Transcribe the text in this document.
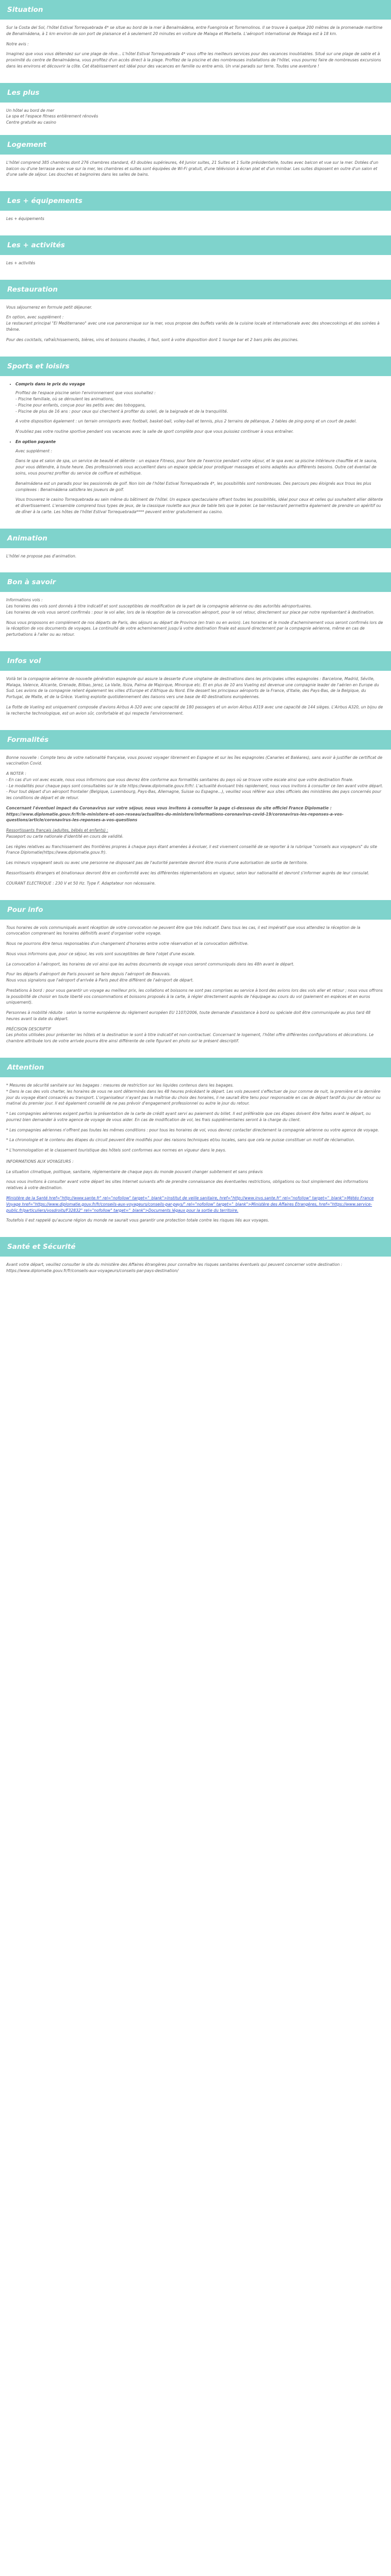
Situation

Sur la Costa del Sol, l'hôtel Estival Torrequebrada 4* se situe au bord de la mer à Benalmádena, entre Fuengirola et Torremolinos. Il se trouve à quelque 200 mètres de la promenade maritime de Benalmádena, à 1 km environ de son port de plaisance et à seulement 20 minutes en voiture de Malaga et Marbella. L'aéroport international de Malaga est à 18 km.

Notre avis :

Imaginez que vous vous détendez sur une plage de rêve... L'hôtel Estival Torrequebrada 4* vous offre les meilleurs services pour des vacances inoubliables. Situé sur une plage de sable et à proximité du centre de Benalmádena, vous profitez d'un accès direct à la plage. Profitez de la piscine et des nombreuses installations de l'hôtel, vous pourrez faire de nombreuses excursions dans les environs et découvrir la côte. Cet établissement est idéal pour des vacances en famille ou entre amis. Un vrai paradis sur terre. Toutes une aventure !

Les plus

Un hôtel au bord de mer

La spa et l'espace fitness entièrement rénovés

Centre gratuite au casino

Logement

L'hôtel comprend 385 chambres dont 276 chambres standard, 43 doubles supérieures, 44 Junior suites, 21 Suites et 1 Suite présidentielle, toutes avec balcon et vue sur la mer. Dotées d'un balcon ou d'une terrasse avec vue sur la mer, les chambres et suites sont équipées de Wi-Fi gratuit, d'une télévision à écran plat et d'un minibar. Les suites disposent en outre d'un salon et d'une salle de séjour. Les douches et baignoires dans les salles de bains.

Les + équipements

Les + équipements

Les + activités

Les + activités

Restauration

Vous séjournerez en formule petit déjeuner.

En option, avec supplément :

Le restaurant principal "El Mediterraneo" avec une vue panoramique sur la mer, vous propose des buffets variés de la cuisine locale et internationale avec des showcookings et des soirées à thème.

Pour des cocktails, rafraîchissements, bières, vins et boissons chaudes, il faut, sont à votre disposition dont 1 lounge bar et 2 bars près des piscines.

Sports et loisirs
• Compris dans le prix du voyage

Profitez de l'espace piscine selon l'environnement que vous souhaitez :

- Piscine familiale, où se déroulent les animations,

- Piscine pour enfants, conçue pour les petits avec des toboggans,

- Piscine de plus de 16 ans : pour ceux qui cherchent à profiter du soleil, de la baignade et de la tranquillité.

A votre disposition également : un terrain omnisports avec football, basket-ball, volley-ball et tennis, plus 2 terrains de pétanque, 2 tables de ping-pong et un court de padel.

N'oubliez pas votre routine sportive pendant vos vacances avec la salle de sport complète pour que vous puissiez continuer à vous entraîner.

• En option payante

Avec supplément :

Dans le spa et salon de spa, un service de beauté et détente : un espace Fitness, pour faire de l'exercice pendant votre séjour, et le spa avec sa piscine intérieure chauffée et le sauna, pour vous détendre, à toute heure. Des professionnels vous accueillent dans un espace spécial pour prodiguer massages et soins adaptés aux différents besoins. Outre cet éventail de soins, vous pourrez profiter du service de coiffure et esthétique.

Benalmádena est un paradis pour les passionnés de golf. Non loin de l'hôtel Estival Torrequebrada 4*, les possibilités sont nombreuses. Des parcours peu éloignés aux trous les plus complexes : Benalmádena satisfera les joueurs de golf.

Vous trouverez le casino Torrequebrada au sein même du bâtiment de l'hôtel. Un espace spectaculaire offrant toutes les possibilités, idéal pour ceux et celles qui souhaitent allier détente et divertissement. L'ensemble comprend tous types de jeux, de la classique roulette aux jeux de table tels que le poker. Le bar-restaurant permettra également de prendre un apéritif ou de dîner à la carte. Les hôtes de l'hôtel Estival Torrequebrada**** peuvent entrer gratuitement au casino.

Animation

L'hôtel ne propose pas d'animation.

Bon à savoir

Informations vols :

Les horaires des vols sont donnés à titre indicatif et sont susceptibles de modification de la part de la compagnie aérienne ou des autorités aéroportuaires.

Les horaires de vols vous seront confirmés : pour le vol aller, lors de la réception de la convocation aéroport, pour le vol retour, directement sur place par notre représentant à destination.

Nous vous proposons en complément de nos départs de Paris, des séjours au départ de Province (en train ou en avion). Les horaires et le mode d'acheminement vous seront confirmés lors de la réception de vos documents de voyages. La continuité de votre acheminement jusqu'à votre destination finale est assuré directement par la compagnie aérienne, même en cas de perturbations à l'aller ou au retour.

Infos vol

Voilà tel la compagnie aérienne de nouvelle génération espagnole qui assure la desserte d'une vingtaine de destinations dans les principales villes espagnoles : Barcelone, Madrid, Séville, Malaga, Valence, Alicante, Grenade, Bilbao, Jerez, La Valle, Ibiza, Palma de Majorque, Minorque etc. Et en plus de 10 ans Vueling est devenue une compagnie leader de l'aérien en Europe du Sud. Les avions de la compagnie relient également les villes d'Europe et d'Afrique du Nord. Elle dessert les principaux aéroports de la France, d'Italie, des Pays-Bas, de la Belgique, du Portugal, de Malte, et de la Grèce. Vueling exploite quotidiennement des liaisons vers une base de 40 destinations européennes.

La flotte de Vueling est uniquement composée d'avions Airbus A-320 avec une capacité de 180 passagers et un avion Airbus A319 avec une capacité de 144 sièges. L'Airbus A320, un bijou de la recherche technologique, est un avion sûr, confortable et qui respecte l'environnement.

Formalités

Bonne nouvelle : Compte tenu de votre nationalité française, vous pouvez voyager librement en Espagne et sur les îles espagnoles (Canaries et Baléares), sans avoir à justifier de certificat de vaccination Covid.

A NOTER :

- En cas d'un vol avec escale, nous vous informons que vous devrez être conforme aux formalités sanitaires du pays où se trouve votre escale ainsi que votre destination finale.

- Le modalités pour chaque pays sont consultables sur le site https://www.diplomatie.gouv.fr/fr/. L'actualité évoluant très rapidement, nous vous invitons à consulter ce lien avant votre départ.

- Pour tout départ d'un aéroport frontalier (Belgique, Luxembourg, Pays-Bas, Allemagne, Suisse ou Espagne...), veuillez vous référer aux sites officiels des ministères des pays concernés pour les conditions de départ et de retour.

Concernant l'éventuel impact du Coronavirus sur votre séjour, nous vous invitons à consulter la page ci-dessous du site officiel France Diplomatie : https://www.diplomatie.gouv.fr/fr/le-ministere-et-son-reseau/actualites-du-ministere/informations-coronavirus-covid-19/coronavirus-les-reponses-a-vos-questions/article/coronavirus-les-reponses-a-vos-questions

Ressortissants français (adultes, bébés et enfants) :

Passeport ou carte nationale d'identité en cours de validité.

Les règles relatives au franchissement des frontières propres à chaque pays étant amenées à évoluer, il est vivement conseillé de se reporter à la rubrique "conseils aux voyageurs" du site France Diplomatie(https://www.diplomatie.gouv.fr).

Les mineurs voyageant seuls ou avec une personne ne disposant pas de l'autorité parentale devront être munis d'une autorisation de sortie de territoire.

Ressortissants étrangers et binationaux devront être en conformité avec les différentes réglementations en vigueur, selon leur nationalité et devront s'informer auprès de leur consulat.

COURANT ELECTRIQUE : 230 V et 50 Hz. Type F. Adaptateur non nécessaire.

Pour info

Tous horaires de vols communiqués avant réception de votre convocation ne peuvent être que très indicatif. Dans tous les cas, il est impératif que vous attendiez la réception de la convocation comprenant les horaires définitifs avant d'organiser votre voyage.

Nous ne pourrons être tenus responsables d'un changement d'horaires entre votre réservation et la convocation définitive.

Nous vous informons que, pour ce séjour, les vols sont susceptibles de faire l'objet d'une escale.

La convocation à l'aéroport, les horaires de vol ainsi que les autres documents de voyage vous seront communiqués dans les 48h avant le départ.

Pour les départs d'aéroport de Paris pouvant se faire depuis l'aéroport de Beauvais.

Nous vous signalons que l'aéroport d'arrivée à Paris peut être différent de l'aéroport de départ.

Prestations à bord : pour vous garantir un voyage au meilleur prix, les collations et boissons ne sont pas comprises au service à bord des avions lors des vols aller et retour ; nous vous offrons la possibilité de choisir en toute liberté vos consommations et boissons proposés à la carte, à régler directement auprès de l'équipage au cours du vol (paiement en espèces et en euros uniquement).

Personnes à mobilité réduite : selon la norme européenne du règlement européen EU 1107/2006, toute demande d'assistance à bord ou spéciale doit être communiquée au plus tard 48 heures avant la date du départ.

PRÉCISION DESCRIPTIF

Les photos utilisées pour présenter les hôtels et la destination le sont à titre indicatif et non-contractuel. Concernant le logement, l'hôtel offre différentes configurations et décorations. Le chambre attribuée lors de votre arrivée pourra être ainsi différente de celle figurant en photo sur le présent descriptif.

Attention

* Mesures de sécurité sanitaire sur les bagages : mesures de restriction sur les liquides contenus dans les bagages.

* Dans le cas des vols charter, les horaires de vous ne sont déterminés dans les 48 heures précédant le départ. Les vols peuvent s'effectuer de jour comme de nuit, la première et la dernière jour du voyage étant consacrés au transport. L'organisateur n'ayant pas la maîtrise du choix des horaires, il ne saurait être tenu pour responsable en cas de départ tardif du jour de retour ou matinal du premier jour. Il est également conseillé de ne pas prévoir d'engagement professionnel ou autre le jour du retour.

* Les compagnies aériennes exigent parfois la présentation de la carte de crédit ayant servi au paiement du billet. Il est préférable que ces étapes doivent être faites avant le départ, ou pourrez bien demander à votre agence de voyage de vous aider. En cas de modification de vol, les frais supplémentaires seront à la charge du client.

* Les compagnies aériennes n'offrent pas toutes les mêmes conditions : pour tous les horaires de vol, vous devrez contacter directement la compagnie aérienne ou votre agence de voyage.

* La chronologie et le contenu des étapes du circuit peuvent être modifiés pour des raisons techniques et/ou locales, sans que cela ne puisse constituer un motif de réclamation.

* L'hommologation et le classement touristique des hôtels sont conformes aux normes en vigueur dans le pays.

INFORMATIONS AUX VOYAGEURS :

La situation climatique, politique, sanitaire, réglementaire de chaque pays du monde pouvant changer subitement et sans préavis

nous vous invitons à consulter avant votre départ les sites Internet suivants afin de prendre connaissance des éventuelles restrictions, obligations ou tout simplement des informations relatives à votre destination.

Ministère de la Santé href="http://www.sante.fr" rel="nofollow" target="_blank">Institut de veille sanitaire, href="http://www.invs.sante.fr" rel="nofollow" target="_blank">Météo France Voyage href="https://www.diplomatie.gouv.fr/fr/conseils-aux-voyageurs/conseils-par-pays/" rel="nofollow" target="_blank">Ministère des Affaires Étrangères, href="https://www.service-public.fr/particuliers/vosdroits/F32832" rel="nofollow" target="_blank">Documents légaux pour la sortie du territoire.

Toutefois il est rappelé qu'aucune région du monde ne saurait vous garantir une protection totale contre les risques liés aux voyages.

Santé et Sécurité

Avant votre départ, veuillez consulter le site du ministère des Affaires étrangères pour connaître les risques sanitaires éventuels qui peuvent concerner votre destination : https://www.diplomatie.gouv.fr/fr/conseils-aux-voyageurs/conseils-par-pays-destination/
